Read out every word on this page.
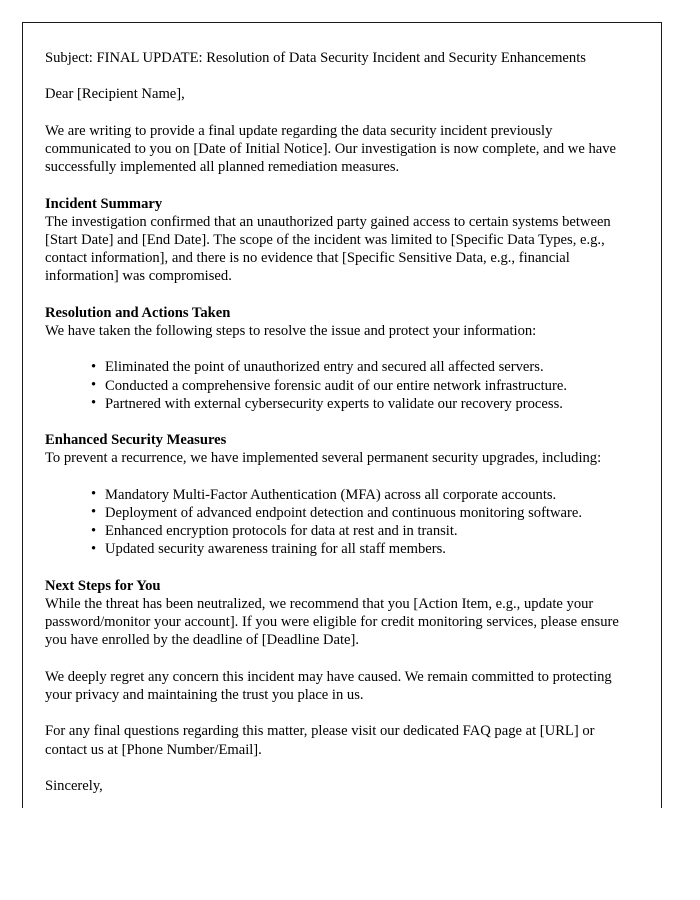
Subject: FINAL UPDATE: Resolution of Data Security Incident and Security Enhancements

Dear [Recipient Name],

We are writing to provide a final update regarding the data security incident previously communicated to you on [Date of Initial Notice]. Our investigation is now complete, and we have successfully implemented all planned remediation measures.

Incident Summary

The investigation confirmed that an unauthorized party gained access to certain systems between [Start Date] and [End Date]. The scope of the incident was limited to [Specific Data Types, e.g., contact information], and there is no evidence that [Specific Sensitive Data, e.g., financial information] was compromised.

Resolution and Actions Taken

We have taken the following steps to resolve the issue and protect your information:

• Eliminated the point of unauthorized entry and secured all affected servers.
• Conducted a comprehensive forensic audit of our entire network infrastructure.
• Partnered with external cybersecurity experts to validate our recovery process.

Enhanced Security Measures

To prevent a recurrence, we have implemented several permanent security upgrades, including:

• Mandatory Multi-Factor Authentication (MFA) across all corporate accounts.
• Deployment of advanced endpoint detection and continuous monitoring software.
• Enhanced encryption protocols for data at rest and in transit.
• Updated security awareness training for all staff members.

Next Steps for You

While the threat has been neutralized, we recommend that you [Action Item, e.g., update your password/monitor your account]. If you were eligible for credit monitoring services, please ensure you have enrolled by the deadline of [Deadline Date].

We deeply regret any concern this incident may have caused. We remain committed to protecting your privacy and maintaining the trust you place in us.

For any final questions regarding this matter, please visit our dedicated FAQ page at [URL] or contact us at [Phone Number/Email].

Sincerely,
